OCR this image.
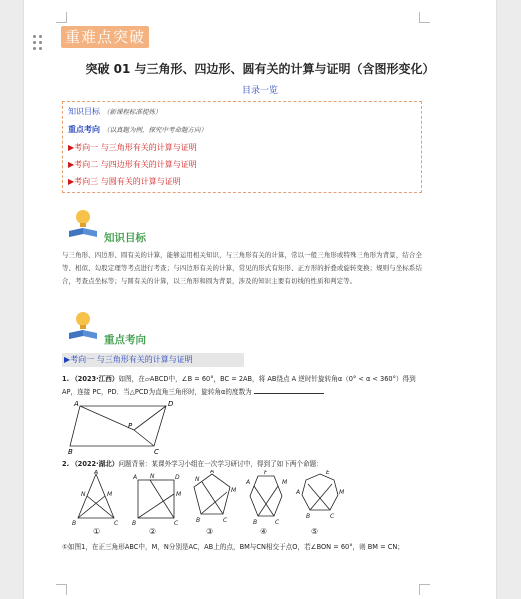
重难点突破
突破 01 与三角形、四边形、圆有关的计算与证明（含图形变化）
目录一览
知识目标 （新课程标准提炼）
重点考向 （以真题为例，探究中考命题方向）
▶考向一 与三角形有关的计算与证明
▶考向二 与四边形有关的计算与证明
▶考向三 与圆有关的计算与证明
知识目标
与三角形、四边形、圆有关的计算，能够运用相关知识，与三角形有关的计算，常以一般三角形或特殊三角形为背景，结合全等、相似、勾股定理等考点进行考查；与四边形有关的计算，常见的形式有矩形、正方形的折叠或旋转变换；规则与坐标系结合，考查点坐标等；与圆有关的计算，以三角形和圆为背景，涉及的知识主要有切线的性质和判定等。
重点考向
▶考向一 与三角形有关的计算与证明
1. （2023·江西）如图，在▱ABCD中，∠B = 60°，BC = 2AB，将 AB绕点 A 逆时针旋转角α（0° < α < 360°）得到 AP，连接 PC，PD．当△PCD为直角三角形时，旋转角α的度数为
A	D
B	C
P
2. （2022·湖北）问题背景：某课外学习小组在一次学习研讨中，得到了如下两个命题：
A
N	M
B	C
A N	D
M
B	C
A
N
M
B	C
F
M
A
B	C
E
A	M
B	C
①	②	③	④	⑤
①如图1，在正三角形ABC中，M，N分别是AC，AB上的点，BM与CN相交于点O，若∠BON = 60°，则 BM = CN；
